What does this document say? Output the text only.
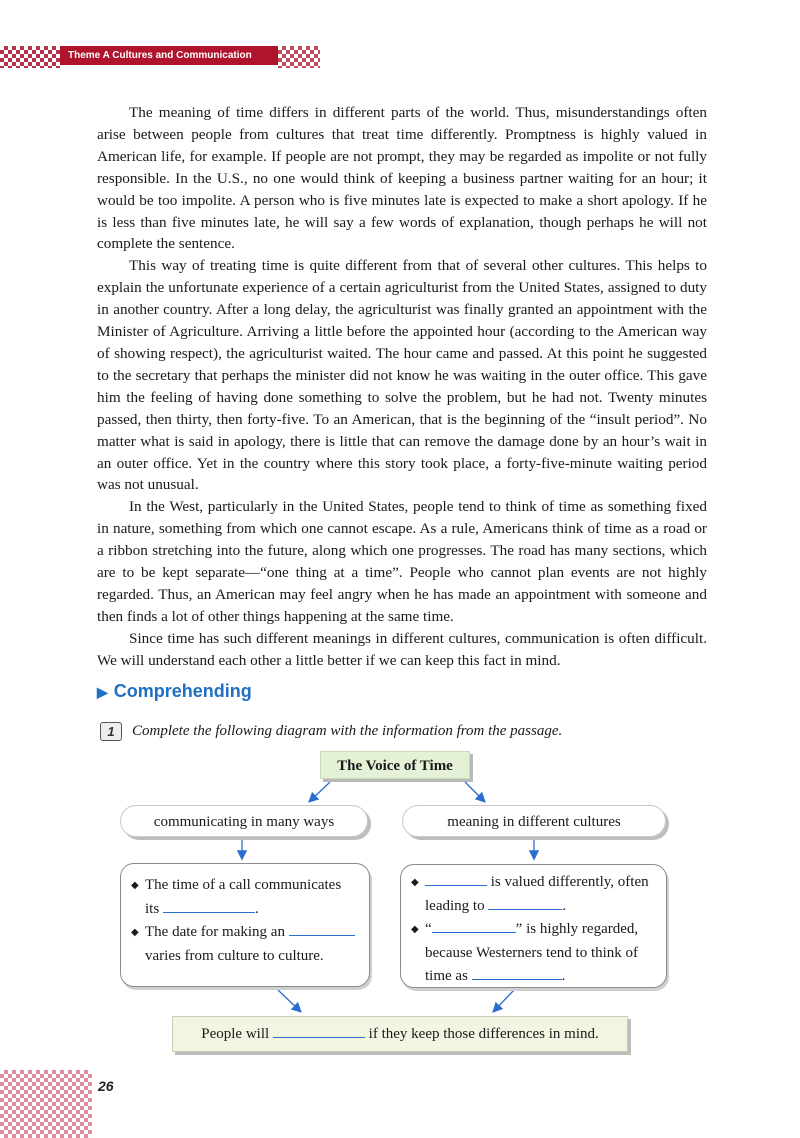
Theme A Cultures and Communication

The meaning of time differs in different parts of the world. Thus, misunderstandings often arise between people from cultures that treat time differently. Promptness is highly valued in American life, for example. If people are not prompt, they may be regarded as impolite or not fully responsible. In the U.S., no one would think of keeping a business partner waiting for an hour; it would be too impolite. A person who is five minutes late is expected to make a short apology. If he is less than five minutes late, he will say a few words of explanation, though perhaps he will not complete the sentence.

This way of treating time is quite different from that of several other cultures. This helps to explain the unfortunate experience of a certain agriculturist from the United States, assigned to duty in another country. After a long delay, the agriculturist was finally granted an appointment with the Minister of Agriculture. Arriving a little before the appointed hour (according to the American way of showing respect), the agriculturist waited. The hour came and passed. At this point he suggested to the secretary that perhaps the minister did not know he was waiting in the outer office. This gave him the feeling of having done something to solve the problem, but he had not. Twenty minutes passed, then thirty, then forty-five. To an American, that is the beginning of the “insult period”. No matter what is said in apology, there is little that can remove the damage done by an hour’s wait in an outer office. Yet in the country where this story took place, a forty-five-minute waiting period was not unusual.

In the West, particularly in the United States, people tend to think of time as something fixed in nature, something from which one cannot escape. As a rule, Americans think of time as a road or a ribbon stretching into the future, along which one progresses. The road has many sections, which are to be kept separate—“one thing at a time”. People who cannot plan events are not highly regarded. Thus, an American may feel angry when he has made an appointment with someone and then finds a lot of other things happening at the same time.

Since time has such different meanings in different cultures, communication is often difficult. We will understand each other a little better if we can keep this fact in mind.

▶ Comprehending
1	Complete the following diagram with the information from the passage.
The Voice of Time
communicating in many ways	meaning in different cultures
◆ The time of a call communicates its	.
◆ The date for making an  varies from culture to culture.
◆	is valued differently, often leading to	.
◆ “	” is highly regarded, because Westerners tend to think of time as	.
People will	if they keep those differences in mind.
26
